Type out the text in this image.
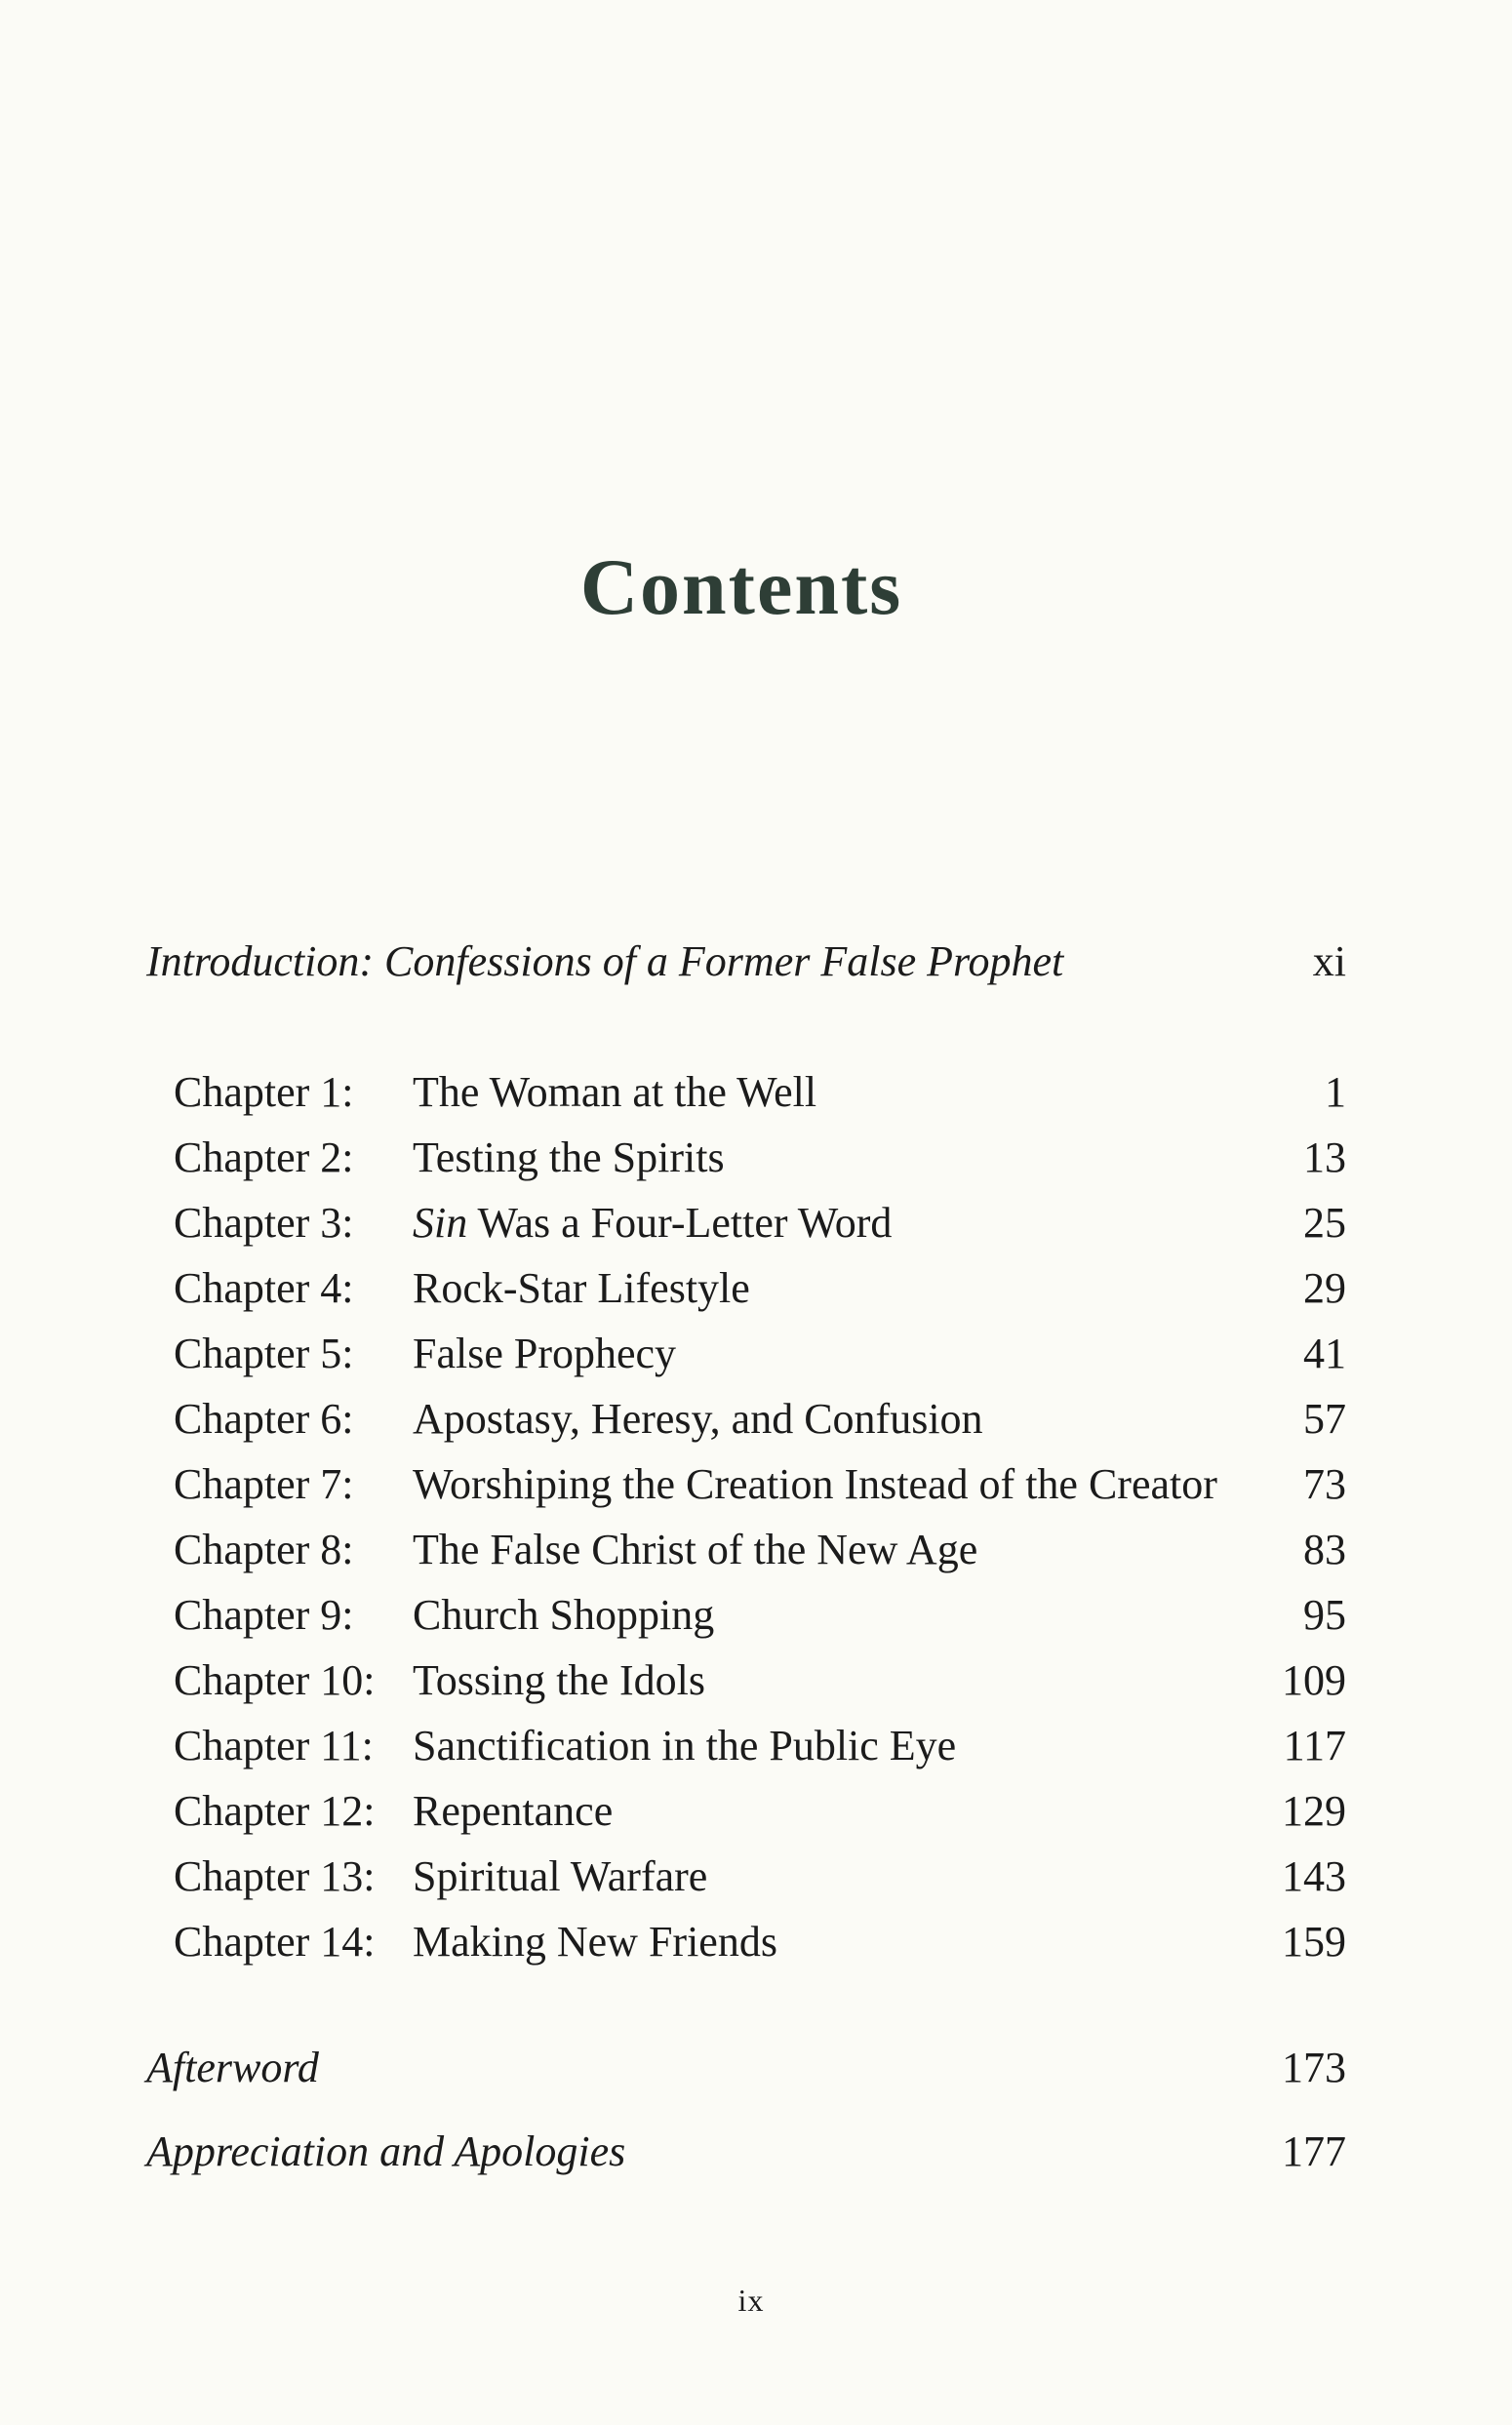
Contents
Introduction: Confessions of a Former False Prophet	xi
Chapter 1:	The Woman at the Well	1
Chapter 2:	Testing the Spirits	13
Chapter 3:	Sin Was a Four-Letter Word	25
Chapter 4:	Rock-Star Lifestyle	29
Chapter 5:	False Prophecy	41
Chapter 6:	Apostasy, Heresy, and Confusion	57
Chapter 7:	Worshiping the Creation Instead of the Creator	73
Chapter 8:	The False Christ of the New Age	83
Chapter 9:	Church Shopping	95
Chapter 10: Tossing the Idols	109
Chapter 11: Sanctification in the Public Eye	117
Chapter 12: Repentance	129
Chapter 13: Spiritual Warfare	143
Chapter 14: Making New Friends	159
Afterword	173
Appreciation and Apologies	177
ix
